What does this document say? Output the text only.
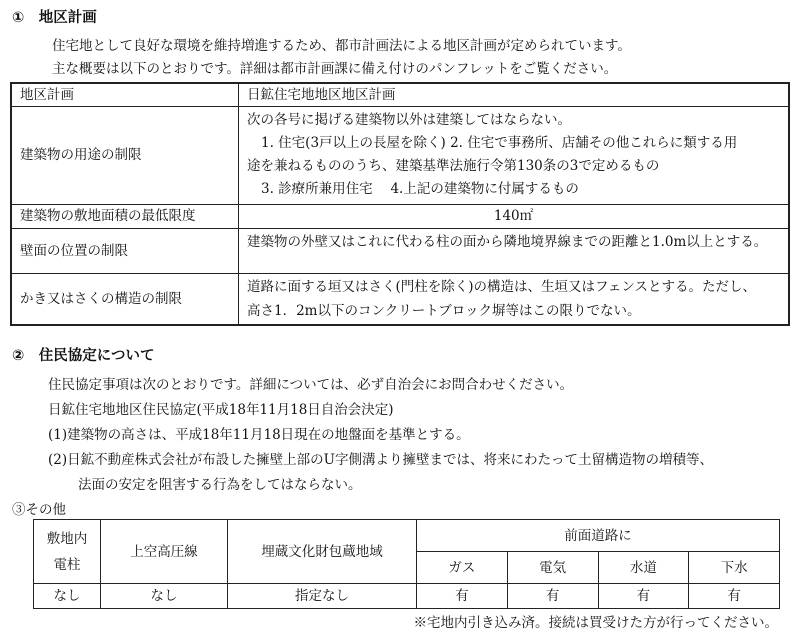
①　地区計画
住宅地として良好な環境を維持増進するため、都市計画法による地区計画が定められています。
主な概要は以下のとおりです。詳細は都市計画課に備え付けのパンフレットをご覧ください。
地区計画	日鉱住宅地地区地区計画
建築物の用途の制限	次の各号に掲げる建築物以外は建築してはならない。
1. 住宅(3戸以上の長屋を除く) 2. 住宅で事務所、店舗その他これらに類する用
途を兼ねるもののうち、建築基準法施行令第130条の3で定めるもの
3. 診療所兼用住宅　 4.上記の建築物に付属するもの

建築物の敷地面積の最低限度	140㎡
壁面の位置の制限	建築物の外壁又はこれに代わる柱の面から隣地境界線までの距離と1.0m以上とする。
かき又はさくの構造の制限	道路に面する垣又はさく(門柱を除く)の構造は、生垣又はフェンスとする。ただし、
高さ1．2m以下のコンクリートブロック塀等はこの限りでない。
②　住民協定について
住民協定事項は次のとおりです。詳細については、必ず自治会にお問合わせください。
日鉱住宅地地区住民協定(平成18年11月18日自治会決定)
(1)建築物の高さは、平成18年11月18日現在の地盤面を基準とする。
(2)日鉱不動産株式会社が布設した擁壁上部のU字側溝より擁壁までは、将来にわたって土留構造物の増積等、
法面の安定を阻害する行為をしてはならない。
③その他
敷地内
電柱	上空高圧線	埋蔵文化財包蔵地域	前面道路に			
			ガス	電気	水道	下水
なし	なし	指定なし	有	有	有	有
※宅地内引き込み済。接続は買受けた方が行ってください。
